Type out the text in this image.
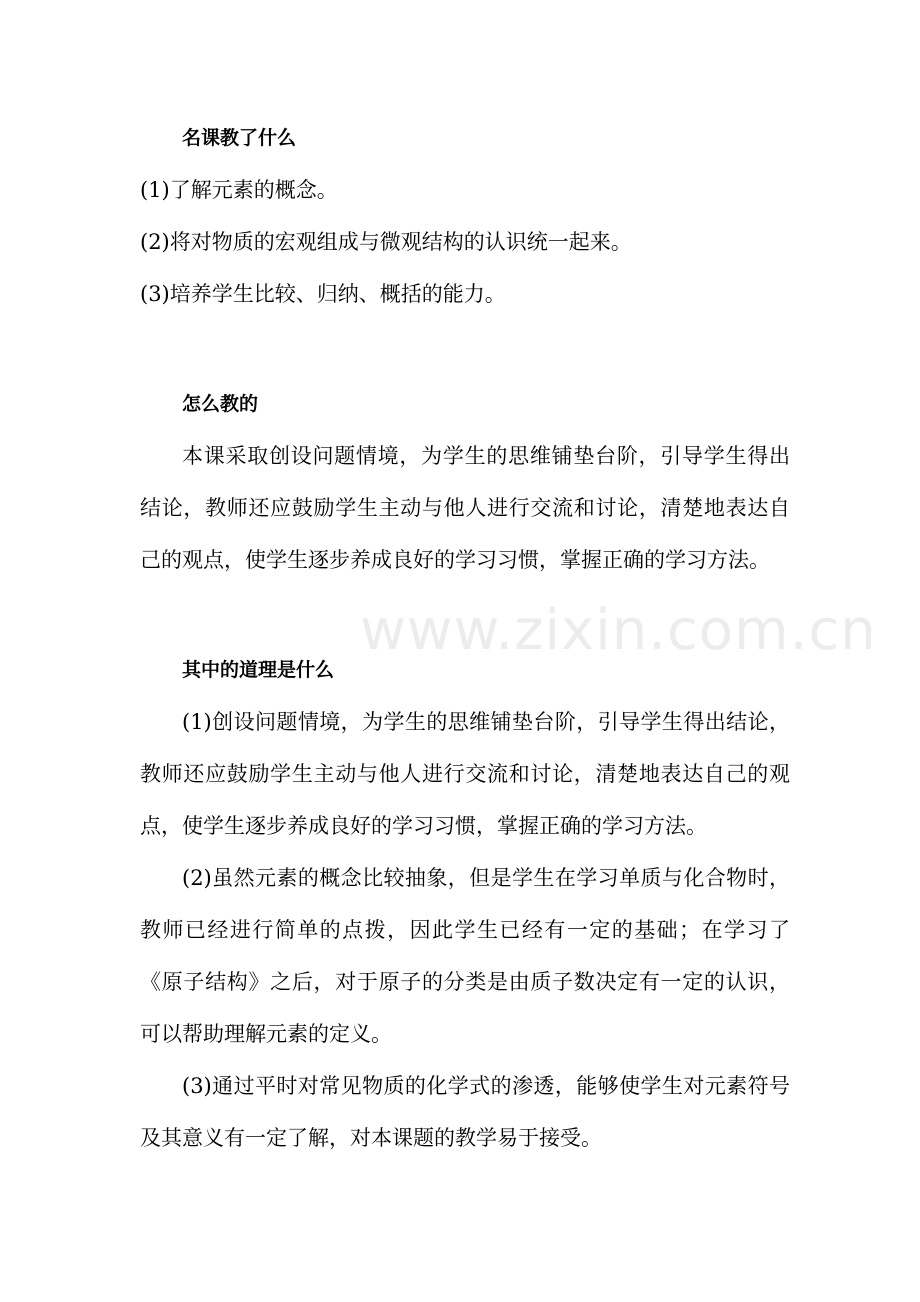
名课教了什么

(1)了解元素的概念。

(2)将对物质的宏观组成与微观结构的认识统一起来。

(3)培养学生比较、归纳、概括的能力。

怎么教的

本课采取创设问题情境，为学生的思维铺垫台阶，引导学生得出结论，教师还应鼓励学生主动与他人进行交流和讨论，清楚地表达自己的观点，使学生逐步养成良好的学习习惯，掌握正确的学习方法。

其中的道理是什么

(1)创设问题情境，为学生的思维铺垫台阶，引导学生得出结论，教师还应鼓励学生主动与他人进行交流和讨论，清楚地表达自己的观点，使学生逐步养成良好的学习习惯，掌握正确的学习方法。

(2)虽然元素的概念比较抽象，但是学生在学习单质与化合物时，教师已经进行简单的点拨，因此学生已经有一定的基础；在学习了《原子结构》之后，对于原子的分类是由质子数决定有一定的认识，可以帮助理解元素的定义。

(3)通过平时对常见物质的化学式的渗透，能够使学生对元素符号及其意义有一定了解，对本课题的教学易于接受。

www.zixin.com.cn
